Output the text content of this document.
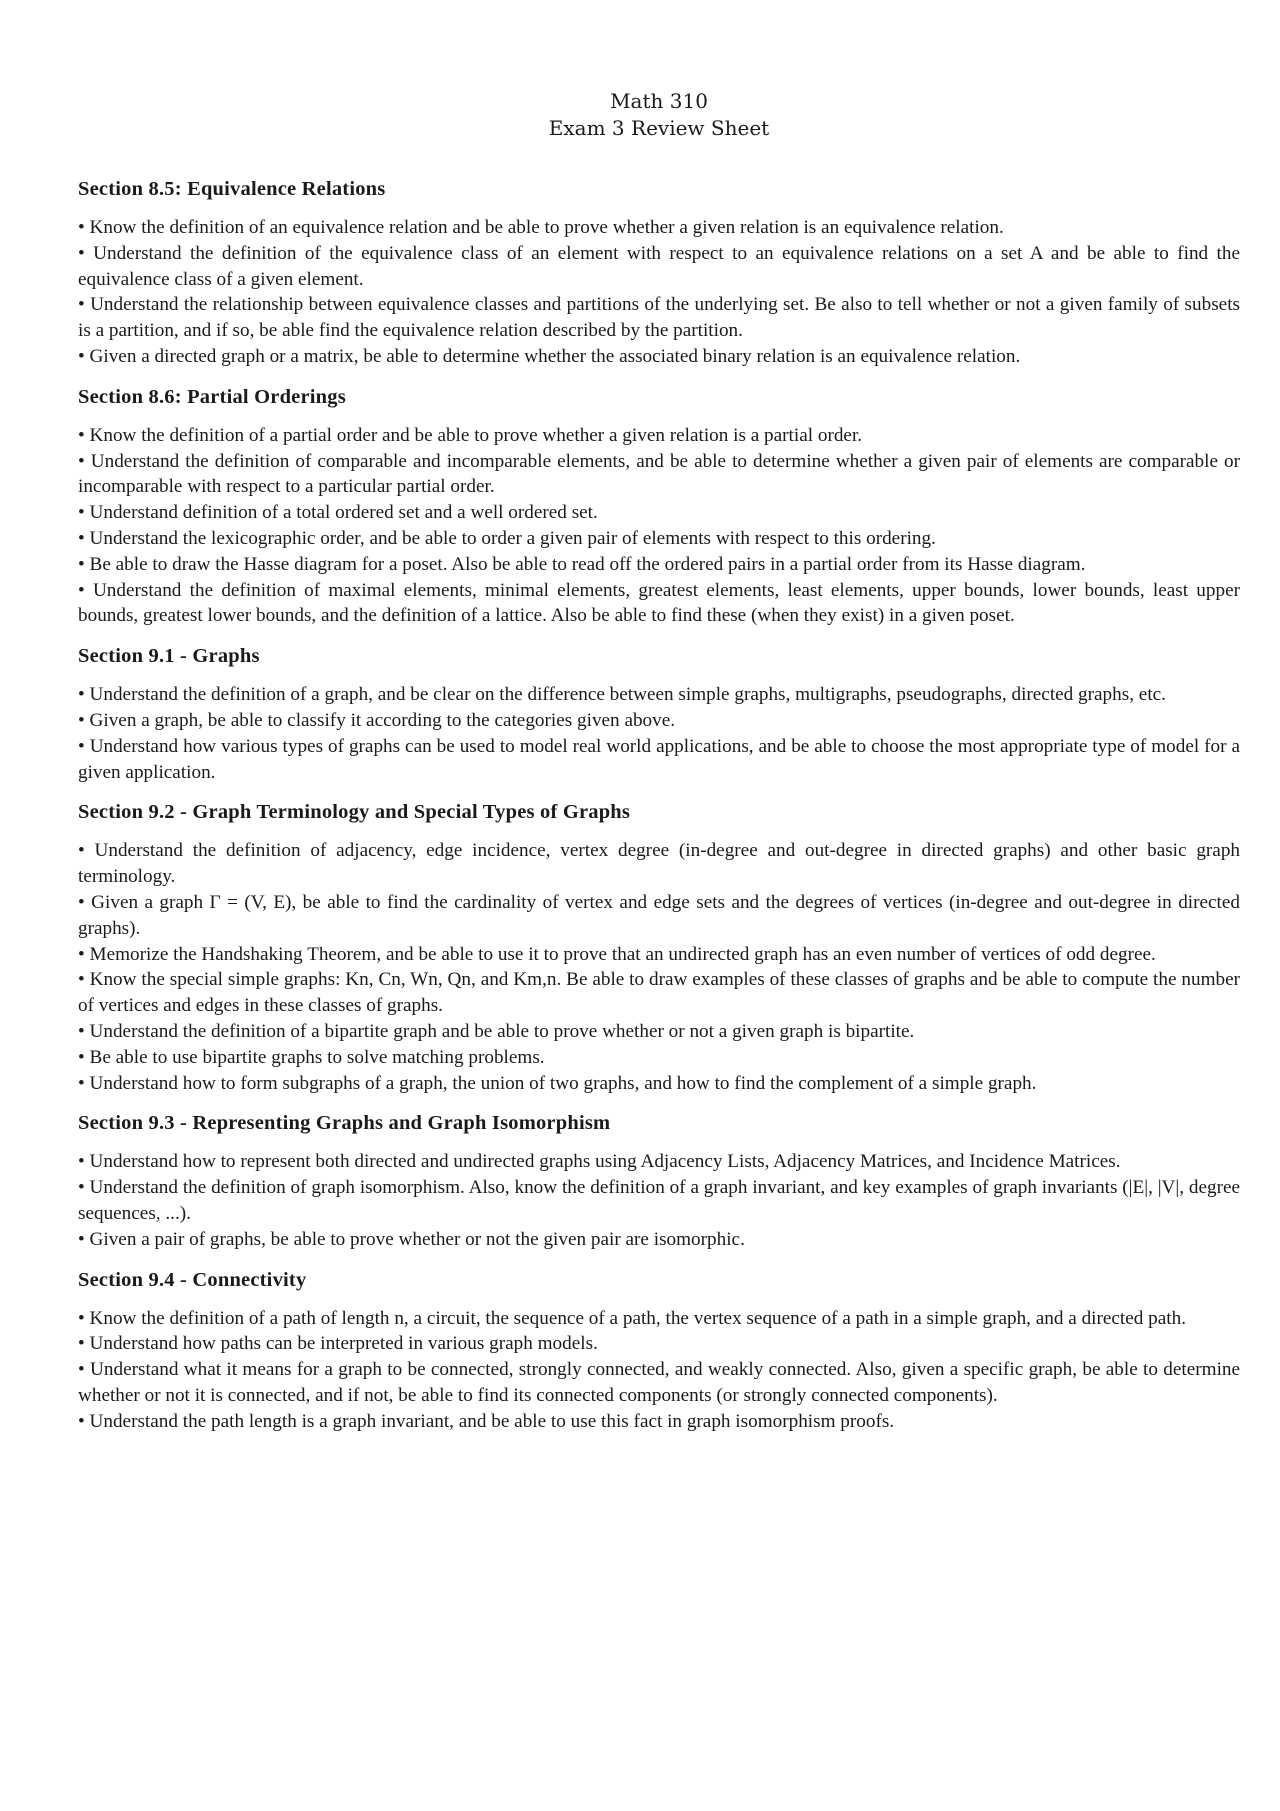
Math 310
Exam 3 Review Sheet
Section 8.5: Equivalence Relations
• Know the definition of an equivalence relation and be able to prove whether a given relation is an equivalence relation.
• Understand the definition of the equivalence class of an element with respect to an equivalence relations on a set A and be able to find the equivalence class of a given element.
• Understand the relationship between equivalence classes and partitions of the underlying set. Be also to tell whether or not a given family of subsets is a partition, and if so, be able find the equivalence relation described by the partition.
• Given a directed graph or a matrix, be able to determine whether the associated binary relation is an equivalence relation.
Section 8.6: Partial Orderings
• Know the definition of a partial order and be able to prove whether a given relation is a partial order.
• Understand the definition of comparable and incomparable elements, and be able to determine whether a given pair of elements are comparable or incomparable with respect to a particular partial order.
• Understand definition of a total ordered set and a well ordered set.
• Understand the lexicographic order, and be able to order a given pair of elements with respect to this ordering.
• Be able to draw the Hasse diagram for a poset. Also be able to read off the ordered pairs in a partial order from its Hasse diagram.
• Understand the definition of maximal elements, minimal elements, greatest elements, least elements, upper bounds, lower bounds, least upper bounds, greatest lower bounds, and the definition of a lattice. Also be able to find these (when they exist) in a given poset.
Section 9.1 - Graphs
• Understand the definition of a graph, and be clear on the difference between simple graphs, multigraphs, pseudographs, directed graphs, etc.
• Given a graph, be able to classify it according to the categories given above.
• Understand how various types of graphs can be used to model real world applications, and be able to choose the most appropriate type of model for a given application.
Section 9.2 - Graph Terminology and Special Types of Graphs
• Understand the definition of adjacency, edge incidence, vertex degree (in-degree and out-degree in directed graphs) and other basic graph terminology.
• Given a graph Γ = (V, E), be able to find the cardinality of vertex and edge sets and the degrees of vertices (in-degree and out-degree in directed graphs).
• Memorize the Handshaking Theorem, and be able to use it to prove that an undirected graph has an even number of vertices of odd degree.
• Know the special simple graphs: Kn, Cn, Wn, Qn, and Km,n. Be able to draw examples of these classes of graphs and be able to compute the number of vertices and edges in these classes of graphs.
• Understand the definition of a bipartite graph and be able to prove whether or not a given graph is bipartite.
• Be able to use bipartite graphs to solve matching problems.
• Understand how to form subgraphs of a graph, the union of two graphs, and how to find the complement of a simple graph.
Section 9.3 - Representing Graphs and Graph Isomorphism
• Understand how to represent both directed and undirected graphs using Adjacency Lists, Adjacency Matrices, and Incidence Matrices.
• Understand the definition of graph isomorphism. Also, know the definition of a graph invariant, and key examples of graph invariants (|E|, |V|, degree sequences, ...).
• Given a pair of graphs, be able to prove whether or not the given pair are isomorphic.
Section 9.4 - Connectivity
• Know the definition of a path of length n, a circuit, the sequence of a path, the vertex sequence of a path in a simple graph, and a directed path.
• Understand how paths can be interpreted in various graph models.
• Understand what it means for a graph to be connected, strongly connected, and weakly connected. Also, given a specific graph, be able to determine whether or not it is connected, and if not, be able to find its connected components (or strongly connected components).
• Understand the path length is a graph invariant, and be able to use this fact in graph isomorphism proofs.
